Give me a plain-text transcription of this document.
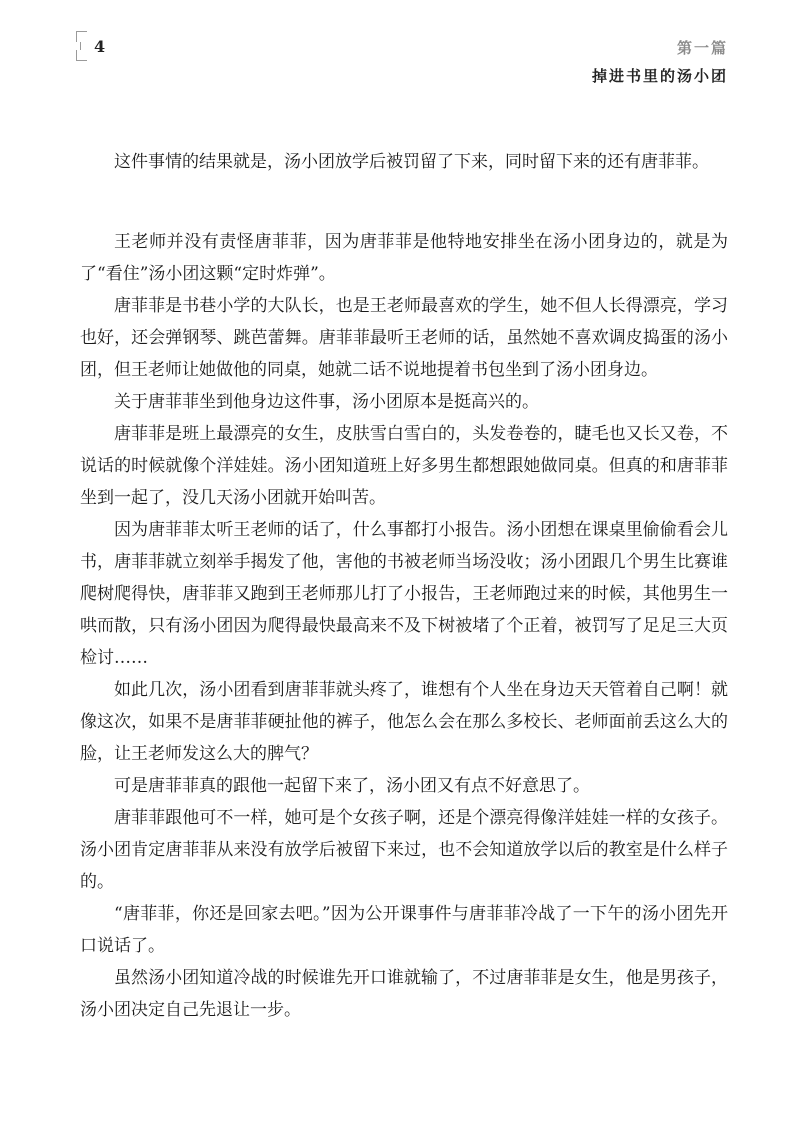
4	第一篇
掉进书里的汤小团

这件事情的结果就是，汤小团放学后被罚留了下来，同时留下来的还有唐菲菲。

王老师并没有责怪唐菲菲，因为唐菲菲是他特地安排坐在汤小团身边的，就是为了“看住”汤小团这颗“定时炸弹”。

唐菲菲是书巷小学的大队长，也是王老师最喜欢的学生，她不但人长得漂亮，学习也好，还会弹钢琴、跳芭蕾舞。唐菲菲最听王老师的话，虽然她不喜欢调皮捣蛋的汤小团，但王老师让她做他的同桌，她就二话不说地提着书包坐到了汤小团身边。

关于唐菲菲坐到他身边这件事，汤小团原本是挺高兴的。

唐菲菲是班上最漂亮的女生，皮肤雪白雪白的，头发卷卷的，睫毛也又长又卷，不说话的时候就像个洋娃娃。汤小团知道班上好多男生都想跟她做同桌。但真的和唐菲菲坐到一起了，没几天汤小团就开始叫苦。

因为唐菲菲太听王老师的话了，什么事都打小报告。汤小团想在课桌里偷偷看会儿书，唐菲菲就立刻举手揭发了他，害他的书被老师当场没收；汤小团跟几个男生比赛谁爬树爬得快，唐菲菲又跑到王老师那儿打了小报告，王老师跑过来的时候，其他男生一哄而散，只有汤小团因为爬得最快最高来不及下树被堵了个正着，被罚写了足足三大页检讨……

如此几次，汤小团看到唐菲菲就头疼了，谁想有个人坐在身边天天管着自己啊！就像这次，如果不是唐菲菲硬扯他的裤子，他怎么会在那么多校长、老师面前丢这么大的脸，让王老师发这么大的脾气？

可是唐菲菲真的跟他一起留下来了，汤小团又有点不好意思了。

唐菲菲跟他可不一样，她可是个女孩子啊，还是个漂亮得像洋娃娃一样的女孩子。汤小团肯定唐菲菲从来没有放学后被留下来过，也不会知道放学以后的教室是什么样子的。

“唐菲菲，你还是回家去吧。”因为公开课事件与唐菲菲冷战了一下午的汤小团先开口说话了。

虽然汤小团知道冷战的时候谁先开口谁就输了，不过唐菲菲是女生，他是男孩子，汤小团决定自己先退让一步。
